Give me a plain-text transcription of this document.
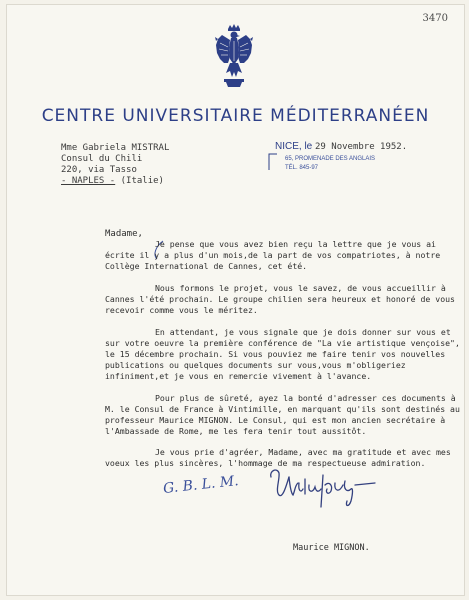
3470
CENTRE UNIVERSITAIRE MÉDITERRANÉEN
Mme Gabriela MISTRAL
Consul du Chili
220, via Tasso
- NAPLES - (Italie)
NICE, le 29 Novembre 1952.
65, PROMENADE DES ANGLAIS
TÉL. 845-97
Madame,
Je pense que vous avez bien reçu la lettre que je vous ai écrite il y a plus d'un mois,de la part de vos compatriotes, à notre Collège International de Cannes, cet été.
Nous formons le projet, vous le savez, de vous accueillir à Cannes l'été prochain. Le groupe chilien sera heureux et honoré de vous recevoir comme vous le méritez.
En attendant, je vous signale que je dois donner sur vous et sur votre oeuvre la première conférence de "La vie artistique vençoise", le 15 décembre prochain. Si vous pouviez me faire tenir vos nouvelles publications ou quelques documents sur vous,vous m'obligeriez infiniment,et je vous en remercie vivement à l'avance.
Pour plus de sûreté, ayez la bonté d'adresser ces documents à M. le Consul de France à Vintimille, en marquant qu'ils sont destinés au professeur Maurice MIGNON. Le Consul, qui est mon ancien secrétaire à l'Ambassade de Rome, me les fera tenir tout aussitôt.
Je vous prie d'agréer, Madame, avec ma gratitude et avec mes voeux les plus sincères, l'hommage de ma respectueuse admiration.
G. B. L. M.
Maurice MIGNON.
